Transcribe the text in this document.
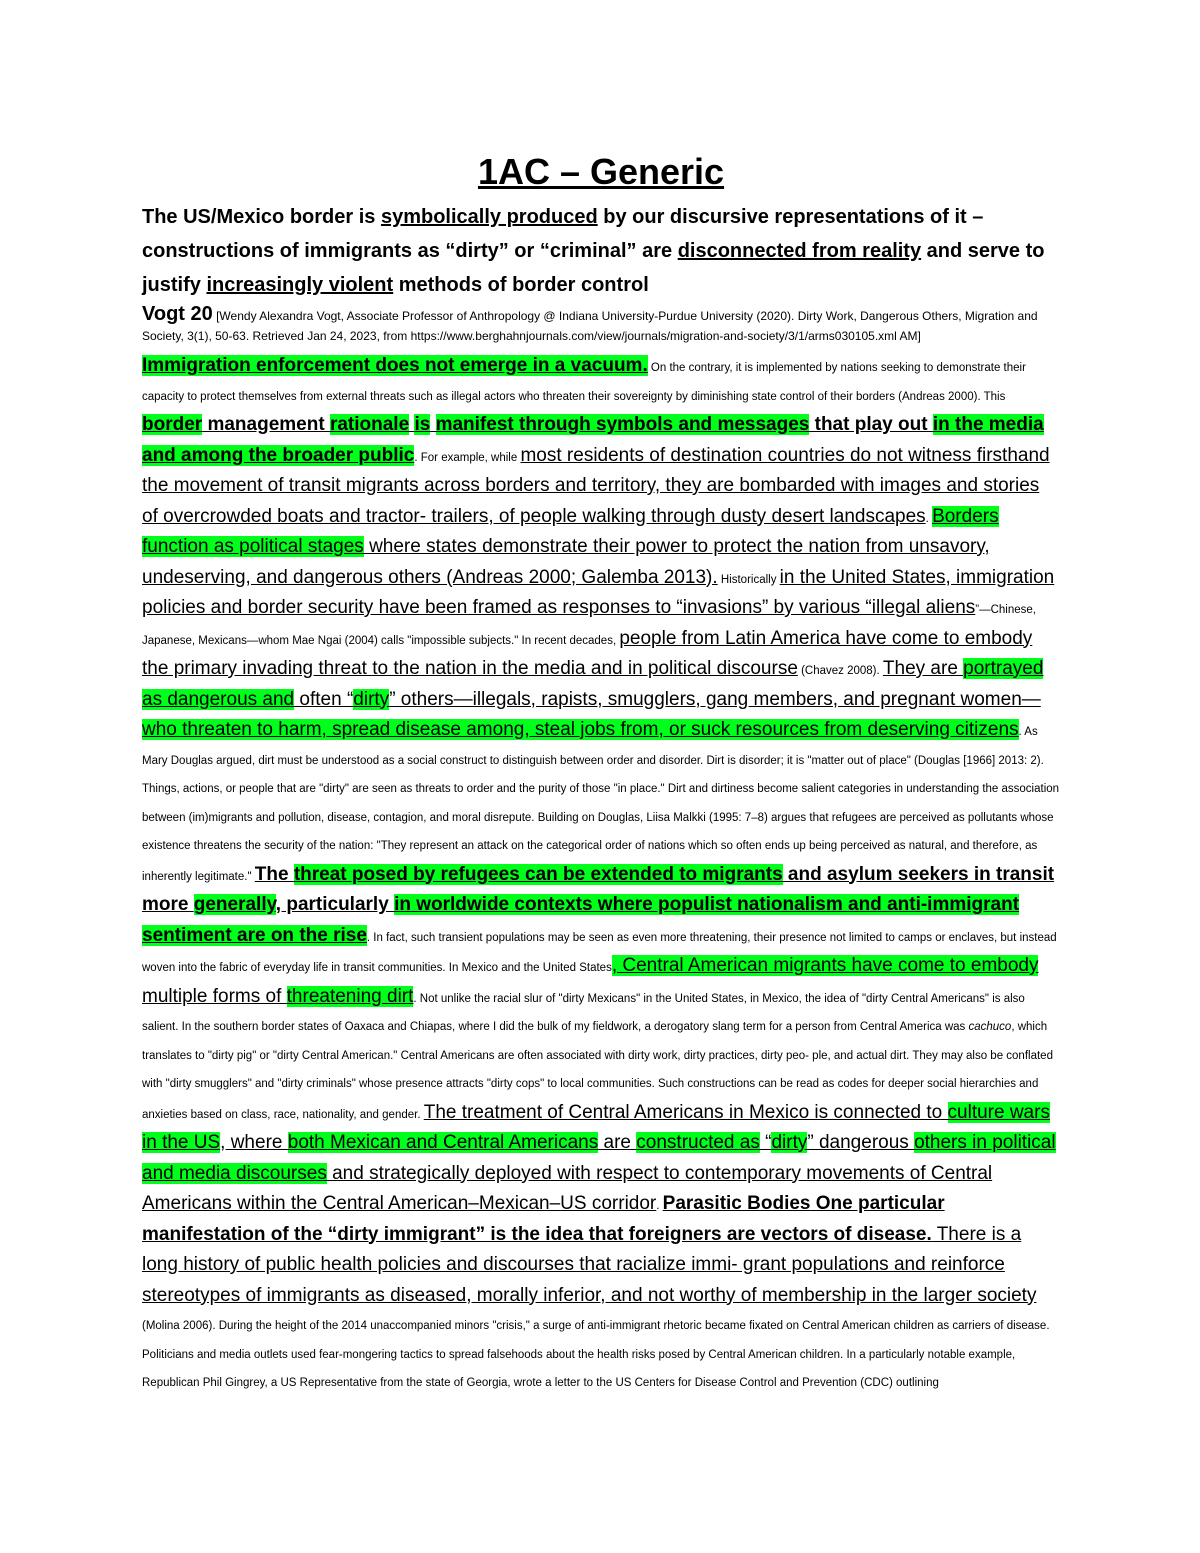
1AC – Generic

The US/Mexico border is symbolically produced by our discursive representations of it – constructions of immigrants as “dirty” or “criminal” are disconnected from reality and serve to justify increasingly violent methods of border control

Vogt 20 [Wendy Alexandra Vogt, Associate Professor of Anthropology @ Indiana University-Purdue University (2020). Dirty Work, Dangerous Others, Migration and Society, 3(1), 50-63. Retrieved Jan 24, 2023, from https://www.berghahnjournals.com/view/journals/migration-and-society/3/1/arms030105.xml AM]

Immigration enforcement does not emerge in a vacuum. On the contrary, it is implemented by nations seeking to demonstrate their capacity to protect themselves from external threats such as illegal actors who threaten their sovereignty by diminishing state control of their borders (Andreas 2000). This border management rationale is manifest through symbols and messages that play out in the media and among the broader public. For example, while most residents of destination countries do not witness firsthand the movement of transit migrants across borders and territory, they are bombarded with images and stories of overcrowded boats and tractor- trailers, of people walking through dusty desert landscapes. Borders function as political stages where states demonstrate their power to protect the nation from unsavory, undeserving, and dangerous others (Andreas 2000; Galemba 2013). Historically in the United States, immigration policies and border security have been framed as responses to “invasions” by various “illegal aliens”—Chinese, Japanese, Mexicans—whom Mae Ngai (2004) calls "impossible subjects." In recent decades, people from Latin America have come to embody the primary invading threat to the nation in the media and in political discourse (Chavez 2008). They are portrayed as dangerous and often “dirty” others—illegals, rapists, smugglers, gang members, and pregnant women—who threaten to harm, spread disease among, steal jobs from, or suck resources from deserving citizens. As Mary Douglas argued, dirt must be understood as a social construct to distinguish between order and disorder. Dirt is disorder; it is "matter out of place" (Douglas [1966] 2013: 2). Things, actions, or people that are "dirty" are seen as threats to order and the purity of those "in place." Dirt and dirtiness become salient categories in understanding the association between (im)migrants and pollution, disease, contagion, and moral disrepute. Building on Douglas, Liisa Malkki (1995: 7–8) argues that refugees are perceived as pollutants whose existence threatens the security of the nation: "They represent an attack on the categorical order of nations which so often ends up being perceived as natural, and therefore, as inherently legitimate." The threat posed by refugees can be extended to migrants and asylum seekers in transit more generally, particularly in worldwide contexts where populist nationalism and anti-immigrant sentiment are on the rise. In fact, such transient populations may be seen as even more threatening, their presence not limited to camps or enclaves, but instead woven into the fabric of everyday life in transit communities. In Mexico and the United States, Central American migrants have come to embody multiple forms of threatening dirt. Not unlike the racial slur of "dirty Mexicans" in the United States, in Mexico, the idea of "dirty Central Americans" is also salient. In the southern border states of Oaxaca and Chiapas, where I did the bulk of my fieldwork, a derogatory slang term for a person from Central America was cachuco, which translates to "dirty pig" or "dirty Central American." Central Americans are often associated with dirty work, dirty practices, dirty peo- ple, and actual dirt. They may also be conflated with "dirty smugglers" and "dirty criminals" whose presence attracts "dirty cops" to local communities. Such constructions can be read as codes for deeper social hierarchies and anxieties based on class, race, nationality, and gender. The treatment of Central Americans in Mexico is connected to culture wars in the US, where both Mexican and Central Americans are constructed as “dirty” dangerous others in political and media discourses and strategically deployed with respect to contemporary movements of Central Americans within the Central American–Mexican–US corridor. Parasitic Bodies One particular manifestation of the “dirty immigrant” is the idea that foreigners are vectors of disease. There is a long history of public health policies and discourses that racialize immi- grant populations and reinforce stereotypes of immigrants as diseased, morally inferior, and not worthy of membership in the larger society (Molina 2006). During the height of the 2014 unaccompanied minors "crisis," a surge of anti-immigrant rhetoric became fixated on Central American children as carriers of disease. Politicians and media outlets used fear-mongering tactics to spread falsehoods about the health risks posed by Central American children. In a particularly notable example, Republican Phil Gingrey, a US Representative from the state of Georgia, wrote a letter to the US Centers for Disease Control and Prevention (CDC) outlining
